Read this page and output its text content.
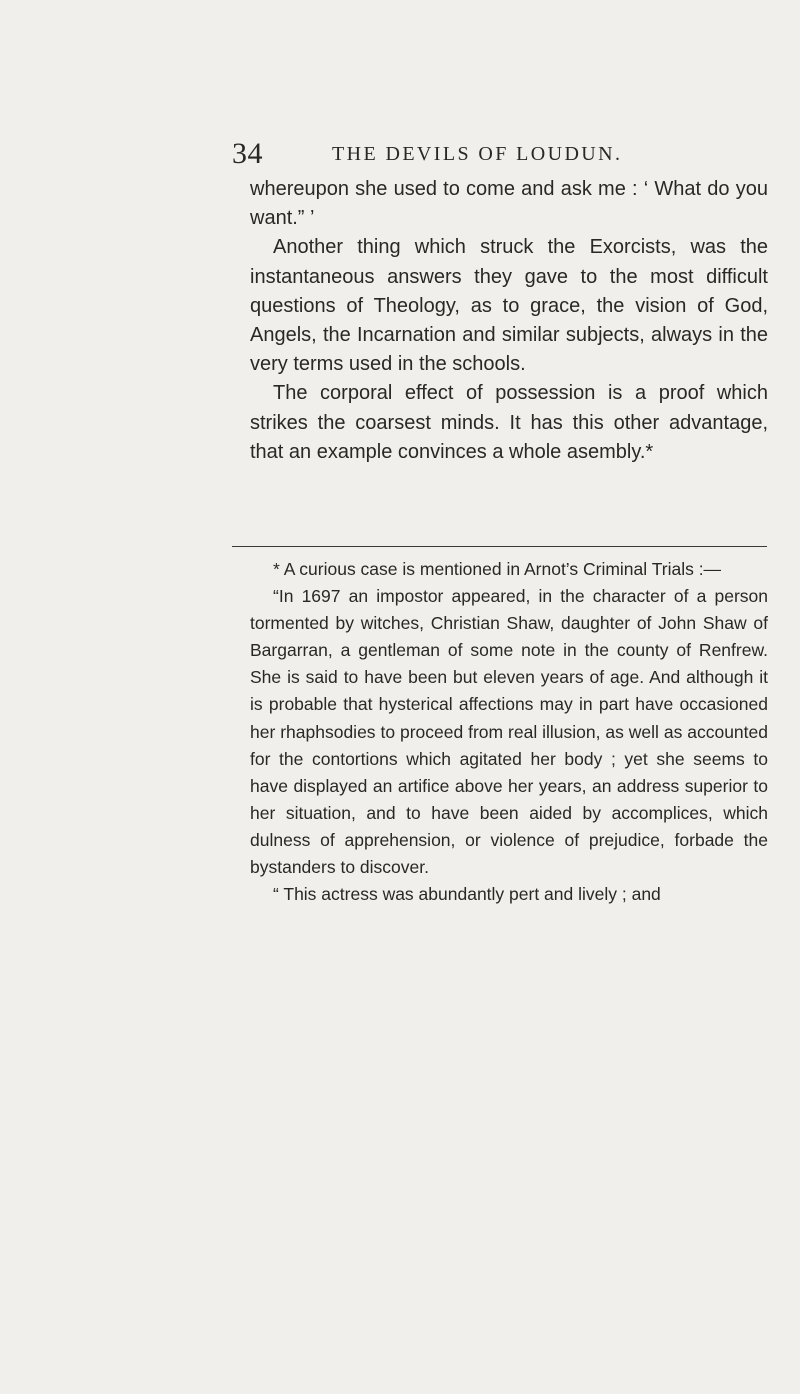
34	THE DEVILS OF LOUDUN.

whereupon she used to come and ask me : ‘ What do you want.” ’

Another thing which struck the Exorcists, was the instantaneous answers they gave to the most difficult questions of Theology, as to grace, the vision of God, Angels, the Incarnation and similar subjects, always in the very terms used in the schools.

The corporal effect of possession is a proof which strikes the coarsest minds. It has this other advantage, that an example convinces a whole asembly.*

* A curious case is mentioned in Arnot’s Criminal Trials :—

“In 1697 an impostor appeared, in the character of a person tormented by witches, Christian Shaw, daughter of John Shaw of Bargarran, a gentleman of some note in the county of Renfrew. She is said to have been but eleven years of age. And although it is probable that hysterical affections may in part have occasioned her rhaphsodies to proceed from real illusion, as well as accounted for the contortions which agitated her body ; yet she seems to have displayed an artifice above her years, an address superior to her situation, and to have been aided by accomplices, which dulness of apprehension, or violence of prejudice, forbade the bystanders to discover.

“ This actress was abundantly pert and lively ; and
